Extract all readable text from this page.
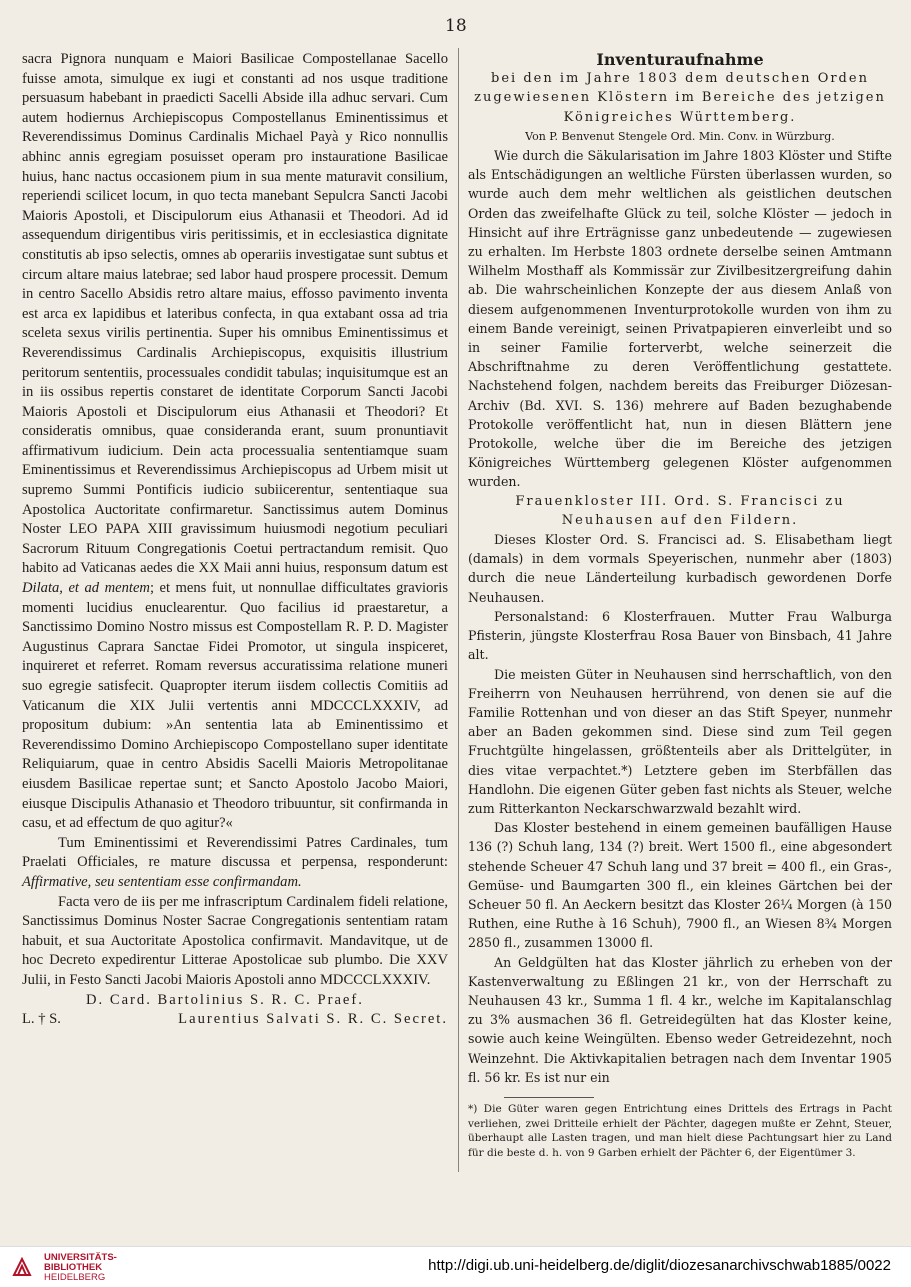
18

sacra Pignora nunquam e Maiori Basilicae Compostellanae Sacello fuisse amota, simulque ex iugi et constanti ad nos usque traditione persuasum habebant in praedicti Sacelli Abside illa adhuc servari. Cum autem hodiernus Archiepiscopus Compostellanus Eminentissimus et Reverendissimus Dominus Cardinalis Michael Payà y Rico nonnullis abhinc annis egregiam posuisset operam pro instauratione Basilicae huius, hanc nactus occasionem pium in sua mente maturavit consilium, reperiendi scilicet locum, in quo tecta manebant Sepulcra Sancti Jacobi Maioris Apostoli, et Discipulorum eius Athanasii et Theodori. Ad id assequendum dirigentibus viris peritissimis, et in ecclesiastica dignitate constitutis ab ipso selectis, omnes ab operariis investigatae sunt subtus et circum altare maius latebrae; sed labor haud prospere processit. Demum in centro Sacello Absidis retro altare maius, effosso pavimento inventa est arca ex lapidibus et lateribus confecta, in qua extabant ossa ad tria sceleta sexus virilis pertinentia. Super his omnibus Eminentissimus et Reverendissimus Cardinalis Archiepiscopus, exquisitis illustrium peritorum sententiis, processuales condidit tabulas; inquisitumque est an in iis ossibus repertis constaret de identitate Corporum Sancti Jacobi Maioris Apostoli et Discipulorum eius Athanasii et Theodori? Et consideratis omnibus, quae consideranda erant, suum pronuntiavit affirmativum iudicium. Dein acta processualia sententiamque suam Eminentissimus et Reverendissimus Archiepiscopus ad Urbem misit ut supremo Summi Pontificis iudicio subiicerentur, sententiaque sua Apostolica Auctoritate confirmaretur. Sanctissimus autem Dominus Noster LEO PAPA XIII gravissimum huiusmodi negotium peculiari Sacrorum Rituum Congregationis Coetui pertractandum remisit. Quo habito ad Vaticanas aedes die XX Maii anni huius, responsum datum est Dilata, et ad mentem; et mens fuit, ut nonnullae difficultates gravioris momenti lucidius enuclearentur. Quo facilius id praestaretur, a Sanctissimo Domino Nostro missus est Compostellam R. P. D. Magister Augustinus Caprara Sanctae Fidei Promotor, ut singula inspiceret, inquireret et referret. Romam reversus accuratissima relatione muneri suo egregie satisfecit. Quapropter iterum iisdem collectis Comitiis ad Vaticanum die XIX Julii vertentis anni MDCCCLXXXIV, ad propositum dubium: »An sententia lata ab Eminentissimo et Reverendissimo Domino Archiepiscopo Compostellano super identitate Reliquiarum, quae in centro Absidis Sacelli Maioris Metropolitanae eiusdem Basilicae repertae sunt; et Sancto Apostolo Jacobo Maiori, eiusque Discipulis Athanasio et Theodoro tribuuntur, sit confirmanda in casu, et ad effectum de quo agitur?«

Tum Eminentissimi et Reverendissimi Patres Cardinales, tum Praelati Officiales, re mature discussa et perpensa, responderunt: Affirmative, seu sententiam esse confirmandam.

Facta vero de iis per me infrascriptum Cardinalem fideli relatione, Sanctissimus Dominus Noster Sacrae Congregationis sententiam ratam habuit, et sua Auctoritate Apostolica confirmavit. Mandavitque, ut de hoc Decreto expedirentur Litterae Apostolicae sub plumbo. Die XXV Julii, in Festo Sancti Jacobi Maioris Apostoli anno MDCCCLXXXIV.

D. Card. Bartolinius S. R. C. Praef.

L. † S.	Laurentius Salvati S. R. C. Secret.

Inventuraufnahme

bei den im Jahre 1803 dem deutschen Orden zugewiesenen Klöstern im Bereiche des jetzigen Königreiches Württemberg.

Von P. Benvenut Stengele Ord. Min. Conv. in Würzburg.

Wie durch die Säkularisation im Jahre 1803 Klöster und Stifte als Entschädigungen an weltliche Fürsten überlassen wurden, so wurde auch dem mehr weltlichen als geistlichen deutschen Orden das zweifelhafte Glück zu teil, solche Klöster — jedoch in Hinsicht auf ihre Erträgnisse ganz unbedeutende — zugewiesen zu erhalten. Im Herbste 1803 ordnete derselbe seinen Amtmann Wilhelm Mosthaff als Kommissär zur Zivilbesitzergreifung dahin ab. Die wahrscheinlichen Konzepte der aus diesem Anlaß von diesem aufgenommenen Inventurprotokolle wurden von ihm zu einem Bande vereinigt, seinen Privatpapieren einverleibt und so in seiner Familie forterverbt, welche seinerzeit die Abschriftnahme zu deren Veröffentlichung gestattete. Nachstehend folgen, nachdem bereits das Freiburger Diözesan-Archiv (Bd. XVI. S. 136) mehrere auf Baden bezughabende Protokolle veröffentlicht hat, nun in diesen Blättern jene Protokolle, welche über die im Bereiche des jetzigen Königreiches Württemberg gelegenen Klöster aufgenommen wurden.

Frauenkloster III. Ord. S. Francisci zu Neuhausen auf den Fildern.

Dieses Kloster Ord. S. Francisci ad. S. Elisabetham liegt (damals) in dem vormals Speyerischen, nunmehr aber (1803) durch die neue Länderteilung kurbadisch gewordenen Dorfe Neuhausen.

Personalstand: 6 Klosterfrauen. Mutter Frau Walburga Pfisterin, jüngste Klosterfrau Rosa Bauer von Binsbach, 41 Jahre alt.

Die meisten Güter in Neuhausen sind herrschaftlich, von den Freiherrn von Neuhausen herrührend, von denen sie auf die Familie Rottenhan und von dieser an das Stift Speyer, nunmehr aber an Baden gekommen sind. Diese sind zum Teil gegen Fruchtgülte hingelassen, größtenteils aber als Drittelgüter, in dies vitae verpachtet.*) Letztere geben im Sterbfällen das Handlohn. Die eigenen Güter geben fast nichts als Steuer, welche zum Ritterkanton Neckarschwarzwald bezahlt wird.

Das Kloster bestehend in einem gemeinen baufälligen Hause 136 (?) Schuh lang, 134 (?) breit. Wert 1500 fl., eine abgesondert stehende Scheuer 47 Schuh lang und 37 breit = 400 fl., ein Gras-, Gemüse- und Baumgarten 300 fl., ein kleines Gärtchen bei der Scheuer 50 fl. An Aeckern besitzt das Kloster 26¼ Morgen (à 150 Ruthen, eine Ruthe à 16 Schuh), 7900 fl., an Wiesen 8¾ Morgen 2850 fl., zusammen 13000 fl.

An Geldgülten hat das Kloster jährlich zu erheben von der Kastenverwaltung zu Eßlingen 21 kr., von der Herrschaft zu Neuhausen 43 kr., Summa 1 fl. 4 kr., welche im Kapitalanschlag zu 3% ausmachen 36 fl. Getreidegülten hat das Kloster keine, sowie auch keine Weingülten. Ebenso weder Getreidezehnt, noch Weinzehnt. Die Aktivkapitalien betragen nach dem Inventar 1905 fl. 56 kr. Es ist nur ein

*) Die Güter waren gegen Entrichtung eines Drittels des Ertrags in Pacht verliehen, zwei Dritteile erhielt der Pächter, dagegen mußte er Zehnt, Steuer, überhaupt alle Lasten tragen, und man hielt diese Pachtungsart hier zu Land für die beste d. h. von 9 Garben erhielt der Pächter 6, der Eigentümer 3.

UNIVERSITÄTS-
BIBLIOTHEK
HEIDELBERG
http://digi.ub.uni-heidelberg.de/diglit/diozesanarchivschwab1885/0022
